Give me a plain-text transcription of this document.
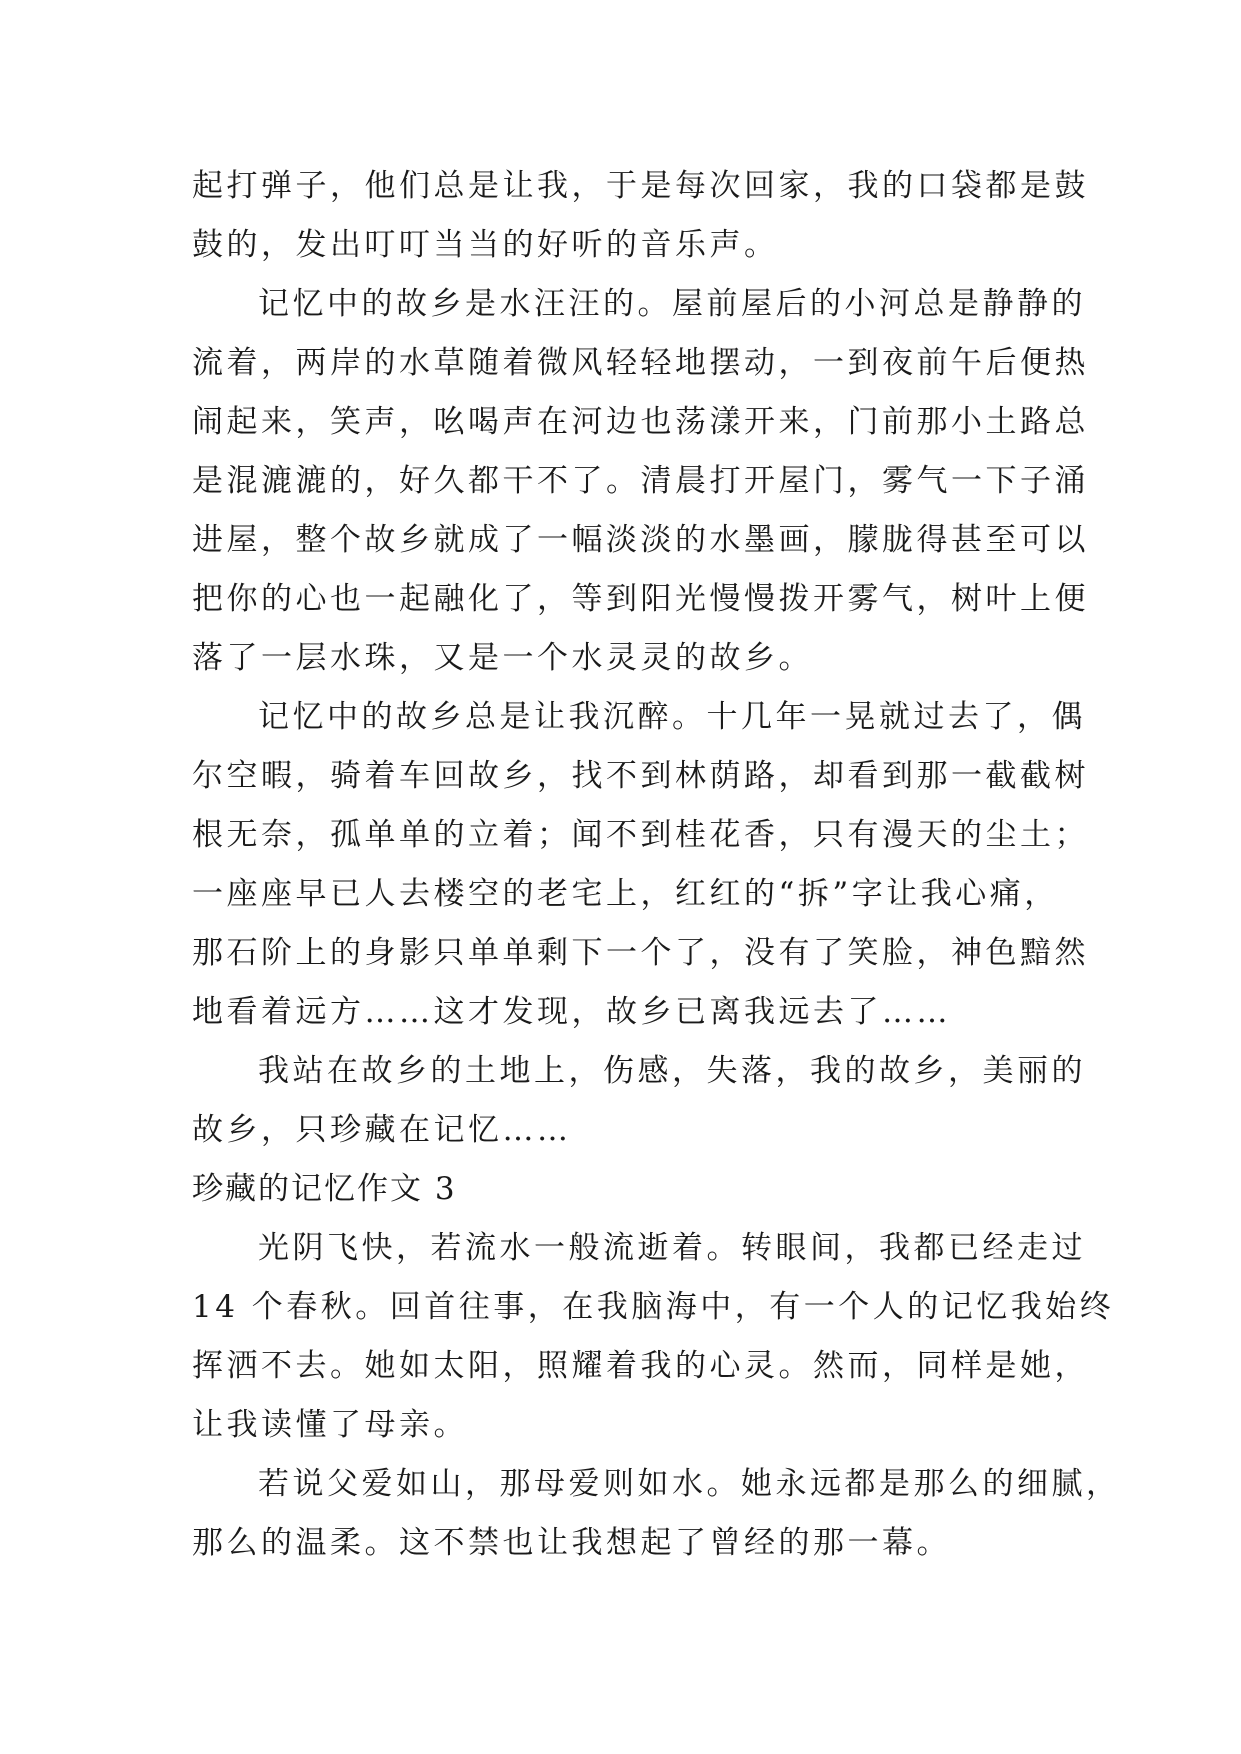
起打弹子，他们总是让我，于是每次回家，我的口袋都是鼓
鼓的，发出叮叮当当的好听的音乐声。
记忆中的故乡是水汪汪的。屋前屋后的小河总是静静的
流着，两岸的水草随着微风轻轻地摆动，一到夜前午后便热
闹起来，笑声，吆喝声在河边也荡漾开来，门前那小土路总
是混漉漉的，好久都干不了。清晨打开屋门，雾气一下子涌
进屋，整个故乡就成了一幅淡淡的水墨画，朦胧得甚至可以
把你的心也一起融化了，等到阳光慢慢拨开雾气，树叶上便
落了一层水珠，又是一个水灵灵的故乡。
记忆中的故乡总是让我沉醉。十几年一晃就过去了，偶
尔空暇，骑着车回故乡，找不到林荫路，却看到那一截截树
根无奈，孤单单的立着；闻不到桂花香，只有漫天的尘土；
一座座早已人去楼空的老宅上，红红的“拆”字让我心痛，
那石阶上的身影只单单剩下一个了，没有了笑脸，神色黯然
地看着远方……这才发现，故乡已离我远去了……
我站在故乡的土地上，伤感，失落，我的故乡，美丽的
故乡，只珍藏在记忆……
珍藏的记忆作文 3
光阴飞快，若流水一般流逝着。转眼间，我都已经走过
14 个春秋。回首往事，在我脑海中，有一个人的记忆我始终
挥洒不去。她如太阳，照耀着我的心灵。然而，同样是她，
让我读懂了母亲。
若说父爱如山，那母爱则如水。她永远都是那么的细腻，
那么的温柔。这不禁也让我想起了曾经的那一幕。
